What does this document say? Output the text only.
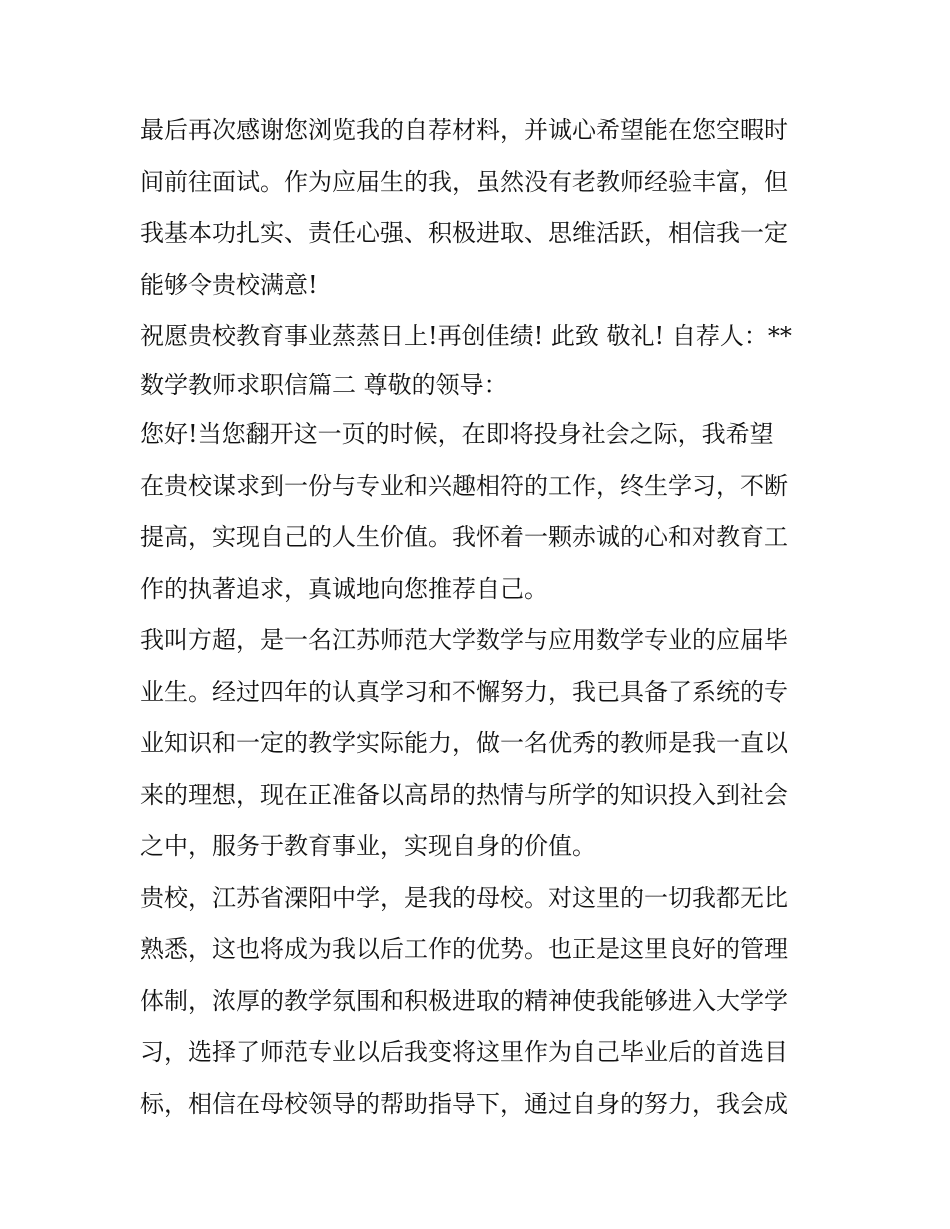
最后再次感谢您浏览我的自荐材料，并诚心希望能在您空暇时
间前往面试。作为应届生的我，虽然没有老教师经验丰富，但
我基本功扎实、责任心强、积极进取、思维活跃，相信我一定
能够令贵校满意!
祝愿贵校教育事业蒸蒸日上!再创佳绩! 此致 敬礼! 自荐人：**
数学教师求职信篇二 尊敬的领导：
您好!当您翻开这一页的时候，在即将投身社会之际，我希望
在贵校谋求到一份与专业和兴趣相符的工作，终生学习，不断
提高，实现自己的人生价值。我怀着一颗赤诚的心和对教育工
作的执著追求，真诚地向您推荐自己。
我叫方超，是一名江苏师范大学数学与应用数学专业的应届毕
业生。经过四年的认真学习和不懈努力，我已具备了系统的专
业知识和一定的教学实际能力，做一名优秀的教师是我一直以
来的理想，现在正准备以高昂的热情与所学的知识投入到社会
之中，服务于教育事业，实现自身的价值。
贵校，江苏省溧阳中学，是我的母校。对这里的一切我都无比
熟悉，这也将成为我以后工作的优势。也正是这里良好的管理
体制，浓厚的教学氛围和积极进取的精神使我能够进入大学学
习，选择了师范专业以后我变将这里作为自己毕业后的首选目
标，相信在母校领导的帮助指导下，通过自身的努力，我会成
